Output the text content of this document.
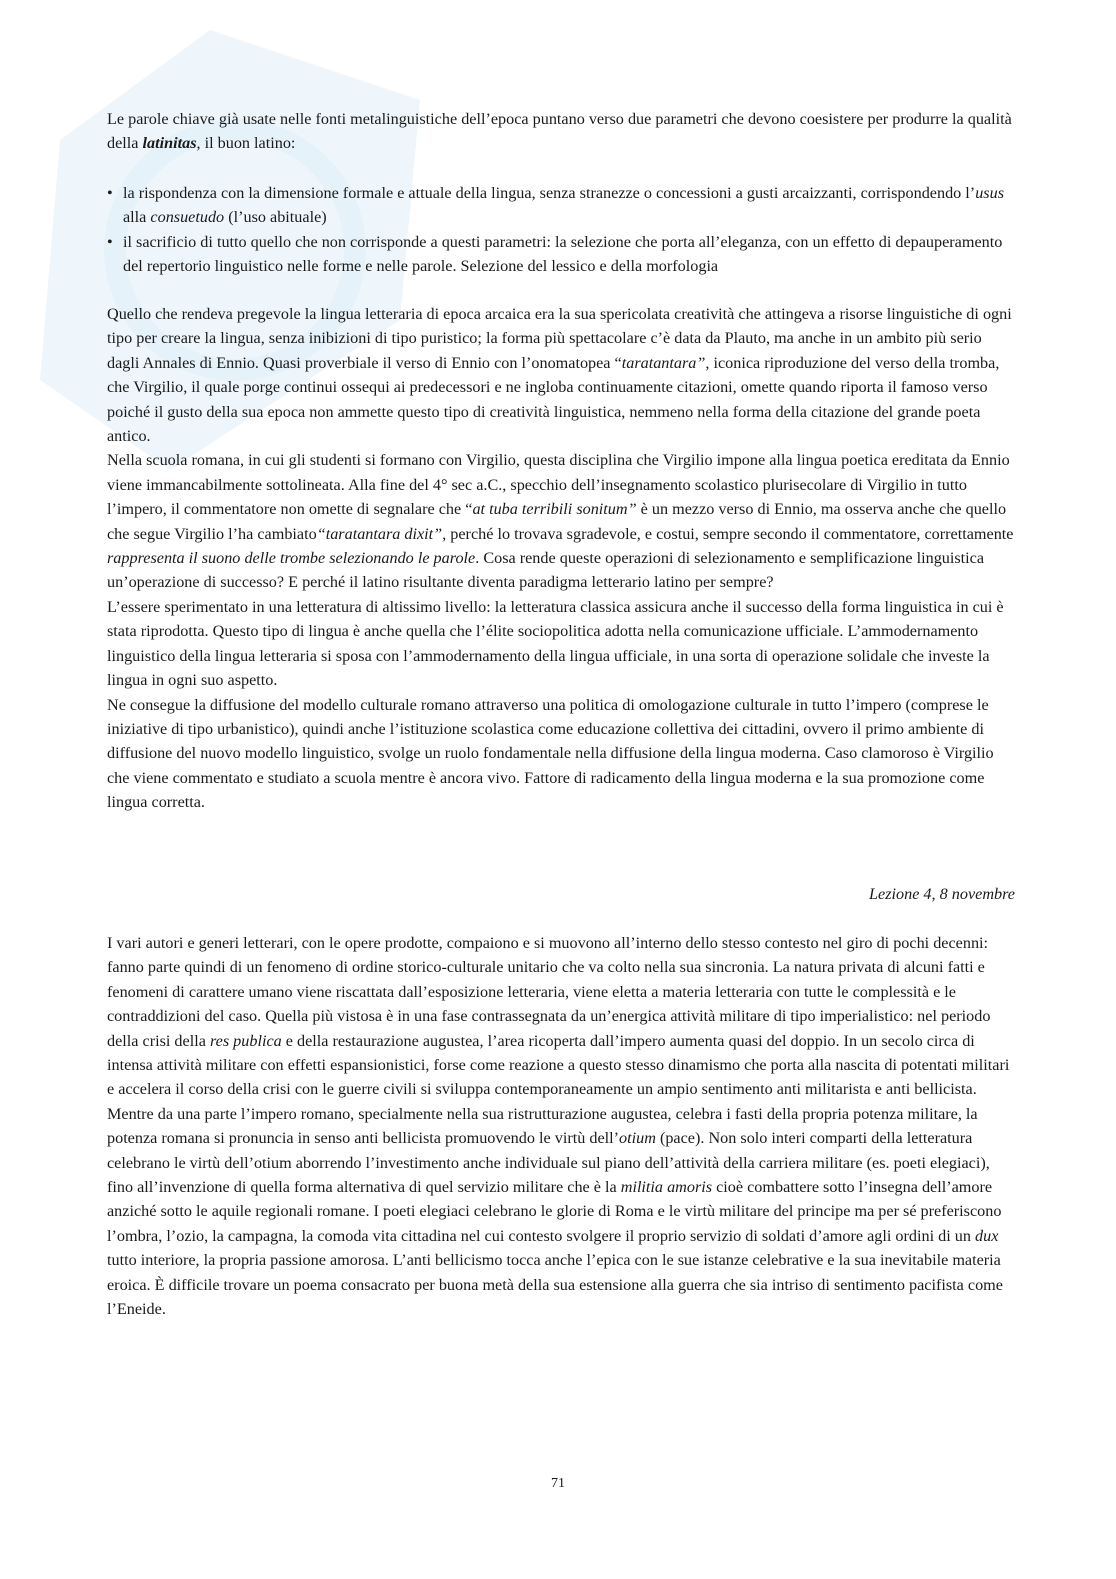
Le parole chiave già usate nelle fonti metalinguistiche dell’epoca puntano verso due parametri che devono coesistere per produrre la qualità della latinitas, il buon latino:

• la rispondenza con la dimensione formale e attuale della lingua, senza stranezze o concessioni a gusti arcaizzanti, corrispondendo l’usus alla consuetudo (l’uso abituale)
• il sacrificio di tutto quello che non corrisponde a questi parametri: la selezione che porta all’eleganza, con un effetto di depauperamento del repertorio linguistico nelle forme e nelle parole. Selezione del lessico e della morfologia
Quello che rendeva pregevole la lingua letteraria di epoca arcaica era la sua spericolata creatività che attingeva a risorse linguistiche di ogni tipo per creare la lingua, senza inibizioni di tipo puristico; la forma più spettacolare c’è data da Plauto, ma anche in un ambito più serio dagli Annales di Ennio. Quasi proverbiale il verso di Ennio con l’onomatopea “taratantara”, iconica riproduzione del verso della tromba, che Virgilio, il quale porge continui ossequi ai predecessori e ne ingloba continuamente citazioni, omette quando riporta il famoso verso poiché il gusto della sua epoca non ammette questo tipo di creatività linguistica, nemmeno nella forma della citazione del grande poeta antico.
Nella scuola romana, in cui gli studenti si formano con Virgilio, questa disciplina che Virgilio impone alla lingua poetica ereditata da Ennio viene immancabilmente sottolineata. Alla fine del 4° sec a.C., specchio dell’insegnamento scolastico plurisecolare di Virgilio in tutto l’impero, il commentatore non omette di segnalare che “at tuba terribili sonitum” è un mezzo verso di Ennio, ma osserva anche che quello che segue Virgilio l’ha cambiato“taratantara dixit”, perché lo trovava sgradevole, e costui, sempre secondo il commentatore, correttamente rappresenta il suono delle trombe selezionando le parole. Cosa rende queste operazioni di selezionamento e semplificazione linguistica un’operazione di successo? E perché il latino risultante diventa paradigma letterario latino per sempre?
L’essere sperimentato in una letteratura di altissimo livello: la letteratura classica assicura anche il successo della forma linguistica in cui è stata riprodotta. Questo tipo di lingua è anche quella che l’élite sociopolitica adotta nella comunicazione ufficiale. L’ammodernamento linguistico della lingua letteraria si sposa con l’ammodernamento della lingua ufficiale, in una sorta di operazione solidale che investe la lingua in ogni suo aspetto.
Ne consegue la diffusione del modello culturale romano attraverso una politica di omologazione culturale in tutto l’impero (comprese le iniziative di tipo urbanistico), quindi anche l’istituzione scolastica come educazione collettiva dei cittadini, ovvero il primo ambiente di diffusione del nuovo modello linguistico, svolge un ruolo fondamentale nella diffusione della lingua moderna. Caso clamoroso è Virgilio che viene commentato e studiato a scuola mentre è ancora vivo. Fattore di radicamento della lingua moderna e la sua promozione come lingua corretta.
Lezione 4, 8 novembre

I vari autori e generi letterari, con le opere prodotte, compaiono e si muovono all’interno dello stesso contesto nel giro di pochi decenni: fanno parte quindi di un fenomeno di ordine storico-culturale unitario che va colto nella sua sincronia. La natura privata di alcuni fatti e fenomeni di carattere umano viene riscattata dall’esposizione letteraria, viene eletta a materia letteraria con tutte le complessità e le contraddizioni del caso. Quella più vistosa è in una fase contrassegnata da un’energica attività militare di tipo imperialistico: nel periodo della crisi della res publica e della restaurazione augustea, l’area ricoperta dall’impero aumenta quasi del doppio. In un secolo circa di intensa attività militare con effetti espansionistici, forse come reazione a questo stesso dinamismo che porta alla nascita di potentati militari e accelera il corso della crisi con le guerre civili si sviluppa contemporaneamente un ampio sentimento anti militarista e anti bellicista. Mentre da una parte l’impero romano, specialmente nella sua ristrutturazione augustea, celebra i fasti della propria potenza militare, la potenza romana si pronuncia in senso anti bellicista promuovendo le virtù dell’otium (pace). Non solo interi comparti della letteratura celebrano le virtù dell’otium aborrendo l’investimento anche individuale sul piano dell’attività della carriera militare (es. poeti elegiaci), fino all’invenzione di quella forma alternativa di quel servizio militare che è la militia amoris cioè combattere sotto l’insegna dell’amore anziché sotto le aquile regionali romane. I poeti elegiaci celebrano le glorie di Roma e le virtù militare del principe ma per sé preferiscono l’ombra, l’ozio, la campagna, la comoda vita cittadina nel cui contesto svolgere il proprio servizio di soldati d’amore agli ordini di un dux tutto interiore, la propria passione amorosa. L’anti bellicismo tocca anche l’epica con le sue istanze celebrative e la sua inevitabile materia eroica. È difficile trovare un poema consacrato per buona metà della sua estensione alla guerra che sia intriso di sentimento pacifista come l’Eneide.

71
